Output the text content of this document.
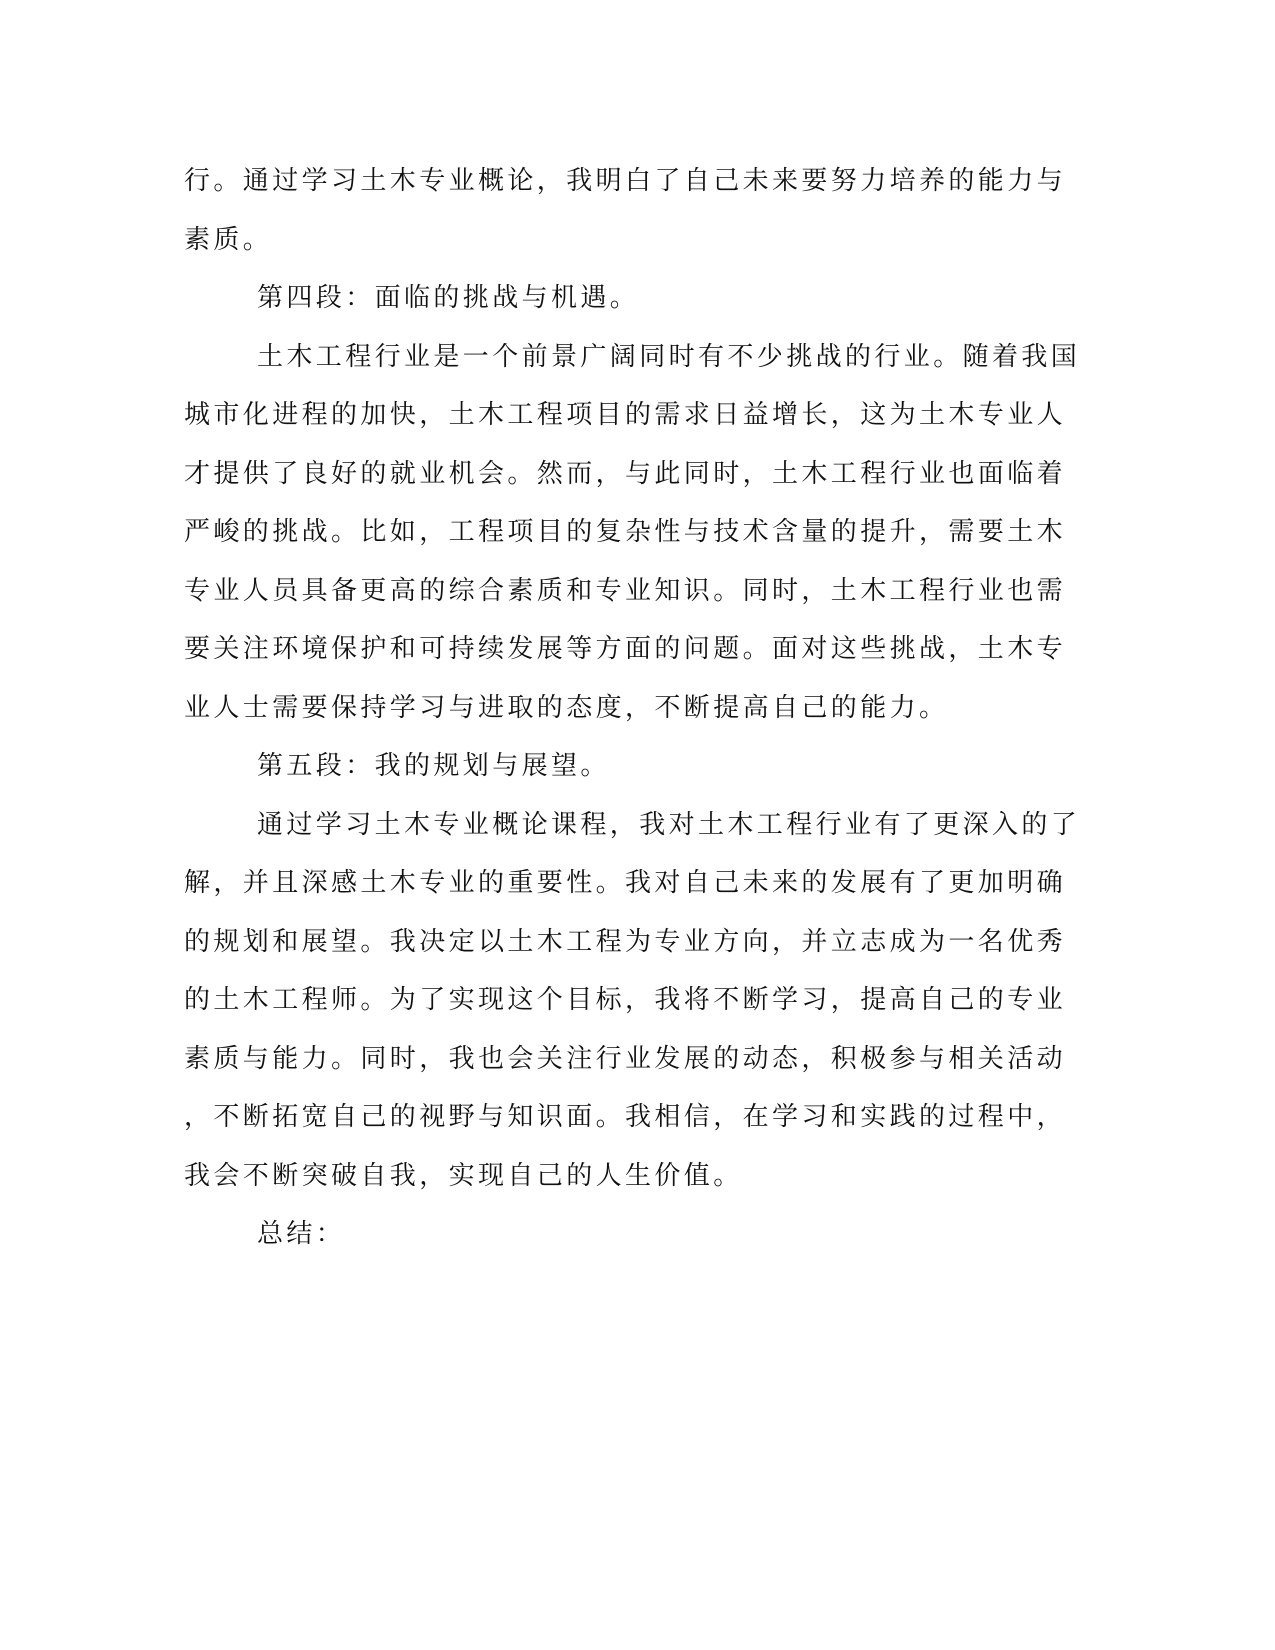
行。通过学习土木专业概论，我明白了自己未来要努力培养的能力与
素质。
第四段：面临的挑战与机遇。
土木工程行业是一个前景广阔同时有不少挑战的行业。随着我国
城市化进程的加快，土木工程项目的需求日益增长，这为土木专业人
才提供了良好的就业机会。然而，与此同时，土木工程行业也面临着
严峻的挑战。比如，工程项目的复杂性与技术含量的提升，需要土木
专业人员具备更高的综合素质和专业知识。同时，土木工程行业也需
要关注环境保护和可持续发展等方面的问题。面对这些挑战，土木专
业人士需要保持学习与进取的态度，不断提高自己的能力。
第五段：我的规划与展望。
通过学习土木专业概论课程，我对土木工程行业有了更深入的了
解，并且深感土木专业的重要性。我对自己未来的发展有了更加明确
的规划和展望。我决定以土木工程为专业方向，并立志成为一名优秀
的土木工程师。为了实现这个目标，我将不断学习，提高自己的专业
素质与能力。同时，我也会关注行业发展的动态，积极参与相关活动
，不断拓宽自己的视野与知识面。我相信，在学习和实践的过程中，
我会不断突破自我，实现自己的人生价值。
总结：
